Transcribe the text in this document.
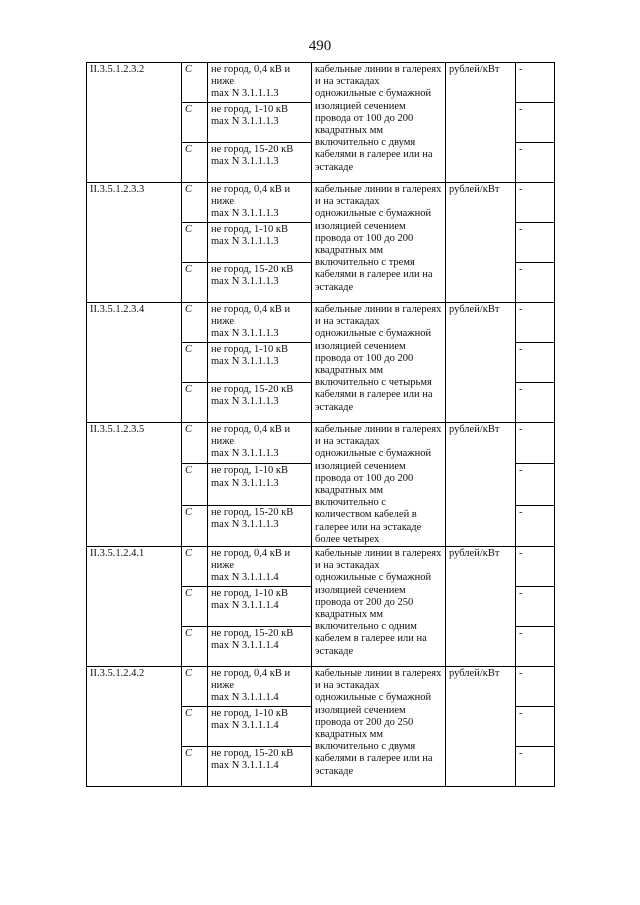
490
II.3.5.1.2.3.2	С	не город, 0,4 кВ и ниже
max N 3.1.1.1.3	кабельные линии в галереях и на эстакадах одножильные с бумажной изоляцией сечением провода от 100 до 200 квадратных мм включительно с двумя кабелями в галерее или на эстакаде	рублей/кВт	-
	С	не город, 1-10 кВ
max N 3.1.1.1.3			-
	С	не город, 15-20 кВ
max N 3.1.1.1.3			-
II.3.5.1.2.3.3	С	не город, 0,4 кВ и ниже
max N 3.1.1.1.3	кабельные линии в галереях и на эстакадах одножильные с бумажной изоляцией сечением провода от 100 до 200 квадратных мм включительно с тремя кабелями в галерее или на эстакаде	рублей/кВт	-
	С	не город, 1-10 кВ
max N 3.1.1.1.3			-
	С	не город, 15-20 кВ
max N 3.1.1.1.3			-
II.3.5.1.2.3.4	С	не город, 0,4 кВ и ниже
max N 3.1.1.1.3	кабельные линии в галереях и на эстакадах одножильные с бумажной изоляцией сечением провода от 100 до 200 квадратных мм включительно с четырьмя кабелями в галерее или на эстакаде	рублей/кВт	-
	С	не город, 1-10 кВ
max N 3.1.1.1.3			-
	С	не город, 15-20 кВ
max N 3.1.1.1.3			-
II.3.5.1.2.3.5	С	не город, 0,4 кВ и ниже
max N 3.1.1.1.3	кабельные линии в галереях и на эстакадах одножильные с бумажной изоляцией сечением провода от 100 до 200 квадратных мм включительно с количеством кабелей в галерее или на эстакаде более четырех	рублей/кВт	-
	С	не город, 1-10 кВ
max N 3.1.1.1.3			-
	С	не город, 15-20 кВ
max N 3.1.1.1.3			-
II.3.5.1.2.4.1	С	не город, 0,4 кВ и ниже
max N 3.1.1.1.4	кабельные линии в галереях и на эстакадах одножильные с бумажной изоляцией сечением провода от 200 до 250 квадратных мм включительно с одним кабелем в галерее или на эстакаде	рублей/кВт	-
	С	не город, 1-10 кВ
max N 3.1.1.1.4			-
	С	не город, 15-20 кВ
max N 3.1.1.1.4			-
II.3.5.1.2.4.2	С	не город, 0,4 кВ и ниже
max N 3.1.1.1.4	кабельные линии в галереях и на эстакадах одножильные с бумажной изоляцией сечением провода от 200 до 250 квадратных мм включительно с двумя кабелями в галерее или на эстакаде	рублей/кВт	-
	С	не город, 1-10 кВ
max N 3.1.1.1.4			-
	С	не город, 15-20 кВ
max N 3.1.1.1.4			-
